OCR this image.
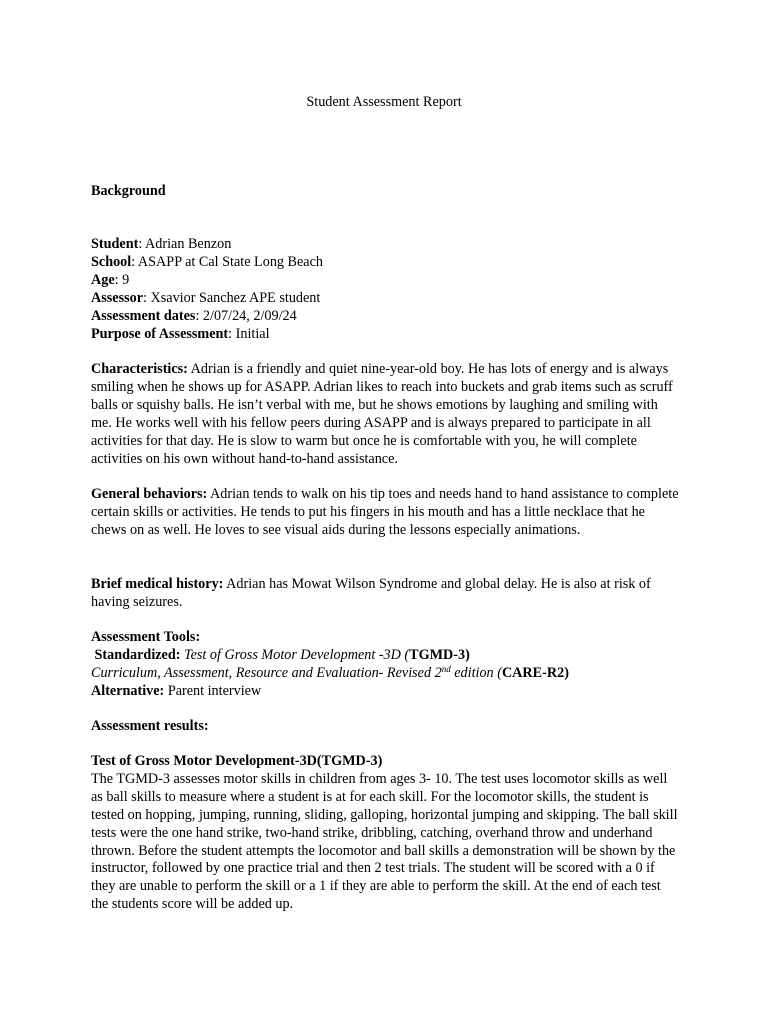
Student Assessment Report
Background

Student: Adrian Benzon

School: ASAPP at Cal State Long Beach

Age: 9

Assessor: Xsavior Sanchez APE student

Assessment dates: 2/07/24, 2/09/24

Purpose of Assessment: Initial

Characteristics: Adrian is a friendly and quiet nine-year-old boy. He has lots of energy and is always smiling when he shows up for ASAPP. Adrian likes to reach into buckets and grab items such as scruff balls or squishy balls. He isn’t verbal with me, but he shows emotions by laughing and smiling with me. He works well with his fellow peers during ASAPP and is always prepared to participate in all activities for that day. He is slow to warm but once he is comfortable with you, he will complete activities on his own without hand-to-hand assistance.

General behaviors: Adrian tends to walk on his tip toes and needs hand to hand assistance to complete certain skills or activities. He tends to put his fingers in his mouth and has a little necklace that he chews on as well. He loves to see visual aids during the lessons especially animations.

Brief medical history: Adrian has Mowat Wilson Syndrome and global delay. He is also at risk of having seizures.

Assessment Tools:

Standardized: Test of Gross Motor Development -3D (TGMD-3)

Curriculum, Assessment, Resource and Evaluation- Revised 2nd edition (CARE-R2)

Alternative: Parent interview

Assessment results:

Test of Gross Motor Development-3D(TGMD-3)

The TGMD-3 assesses motor skills in children from ages 3- 10. The test uses locomotor skills as well as ball skills to measure where a student is at for each skill. For the locomotor skills, the student is tested on hopping, jumping, running, sliding, galloping, horizontal jumping and skipping. The ball skill tests were the one hand strike, two-hand strike, dribbling, catching, overhand throw and underhand thrown. Before the student attempts the locomotor and ball skills a demonstration will be shown by the instructor, followed by one practice trial and then 2 test trials. The student will be scored with a 0 if they are unable to perform the skill or a 1 if they are able to perform the skill. At the end of each test the students score will be added up.
